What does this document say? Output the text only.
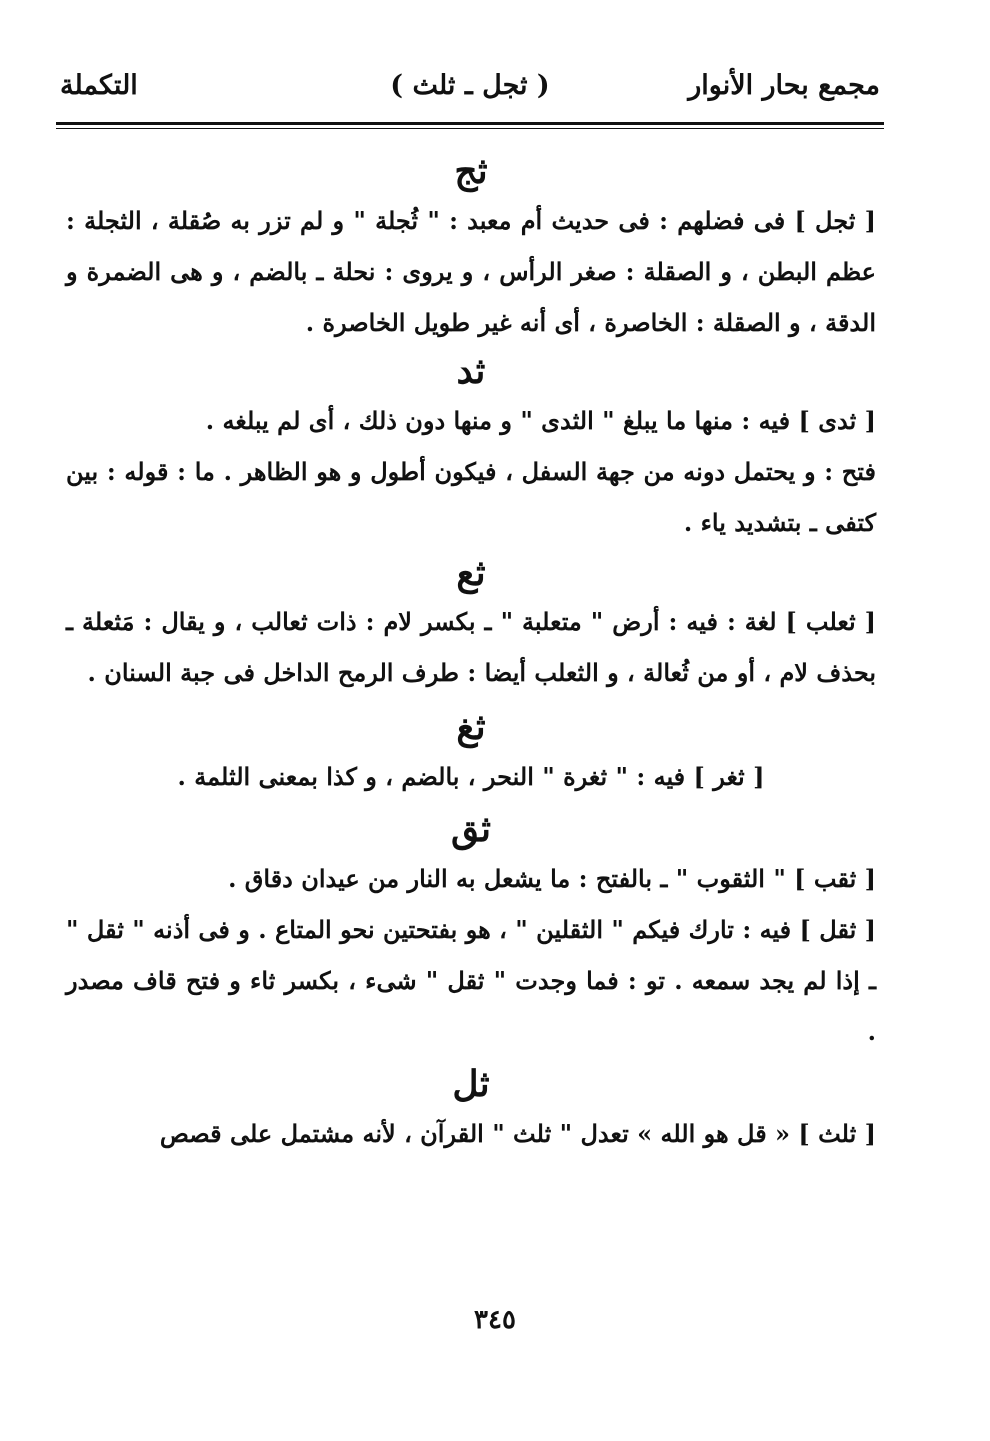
مجمع بحار الأنوار
( ثجل ـ ثلث )
التكملة
ثج

[ ثجل ] فى فضلهم : فى حديث أم معبد : " ثُجلة " و لم تزر به صُقلة ، الثجلة : عظم البطن ، و الصقلة : صغر الرأس ، و يروى : نحلة ـ بالضم ، و هى الضمرة و الدقة ، و الصقلة : الخاصرة ، أى أنه غير طويل الخاصرة .

ثد

[ ثدى ] فيه : منها ما يبلغ " الثدى " و منها دون ذلك ، أى لم يبلغه .

فتح : و يحتمل دونه من جهة السفل ، فيكون أطول و هو الظاهر . ما : قوله : بين كتفى ـ بتشديد ياء .

ثع

[ ثعلب ] لغة : فيه : أرض " متعلبة " ـ بكسر لام : ذات ثعالب ، و يقال : مَثعلة ـ بحذف لام ، أو من ثُعالة ، و الثعلب أيضا : طرف الرمح الداخل فى جبة السنان .

ثغ

[ ثغر ] فيه : " ثغرة " النحر ، بالضم ، و كذا بمعنى الثلمة .

ثق

[ ثقب ] " الثقوب " ـ بالفتح : ما يشعل به النار من عيدان دقاق .

[ ثقل ] فيه : تارك فيكم " الثقلين " ، هو بفتحتين نحو المتاع . و فى أذنه " ثقل " ـ إذا لم يجد سمعه . تو : فما وجدت " ثقل " شىء ، بكسر ثاء و فتح قاف مصدر .

ثل

[ ثلث ] « قل هو الله » تعدل " ثلث " القرآن ، لأنه مشتمل على قصص

٣٤٥
